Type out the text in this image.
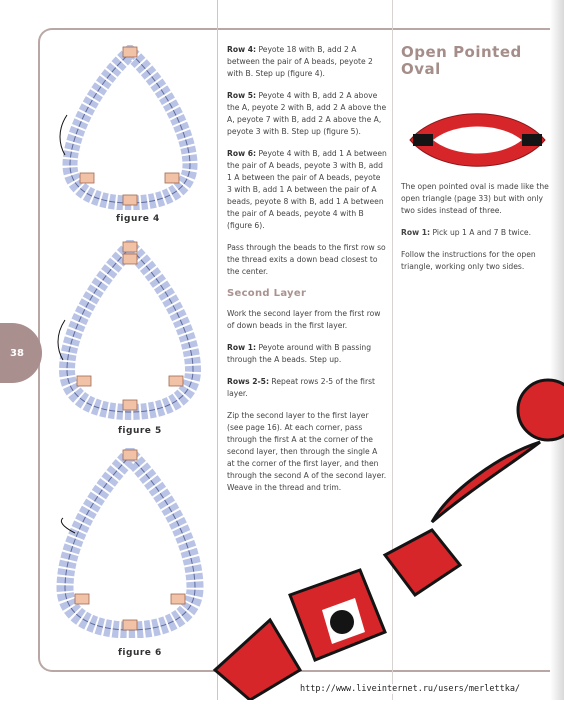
38
figure 4
figure 5
figure 6

Row 4: Peyote 18 with B, add 2 A between the pair of A beads, peyote 2 with B. Step up (figure 4).

Row 5: Peyote 4 with B, add 2 A above the A, peyote 2 with B, add 2 A above the A, peyote 7 with B, add 2 A above the A, peyote 3 with B. Step up (figure 5).

Row 6: Peyote 4 with B, add 1 A between the pair of A beads, peyote 3 with B, add 1 A between the pair of A beads, peyote 3 with B, add 1 A between the pair of A beads, peyote 8 with B, add 1 A between the pair of A beads, peyote 4 with B (figure 6).

Pass through the beads to the first row so the thread exits a down bead closest to the center.

Second Layer

Work the second layer from the first row of down beads in the first layer.

Row 1: Peyote around with B passing through the A beads. Step up.

Rows 2-5: Repeat rows 2-5 of the first layer.

Zip the second layer to the first layer (see page 16). At each corner, pass through the first A at the corner of the second layer, then through the single A at the corner of the first layer, and then through the second A of the second layer. Weave in the thread and trim.

Open Pointed Oval

The open pointed oval is made like the open triangle (page 33) but with only two sides instead of three.

Row 1: Pick up 1 A and 7 B twice.

Follow the instructions for the open triangle, working only two sides.

http://www.liveinternet.ru/users/merlettka/
